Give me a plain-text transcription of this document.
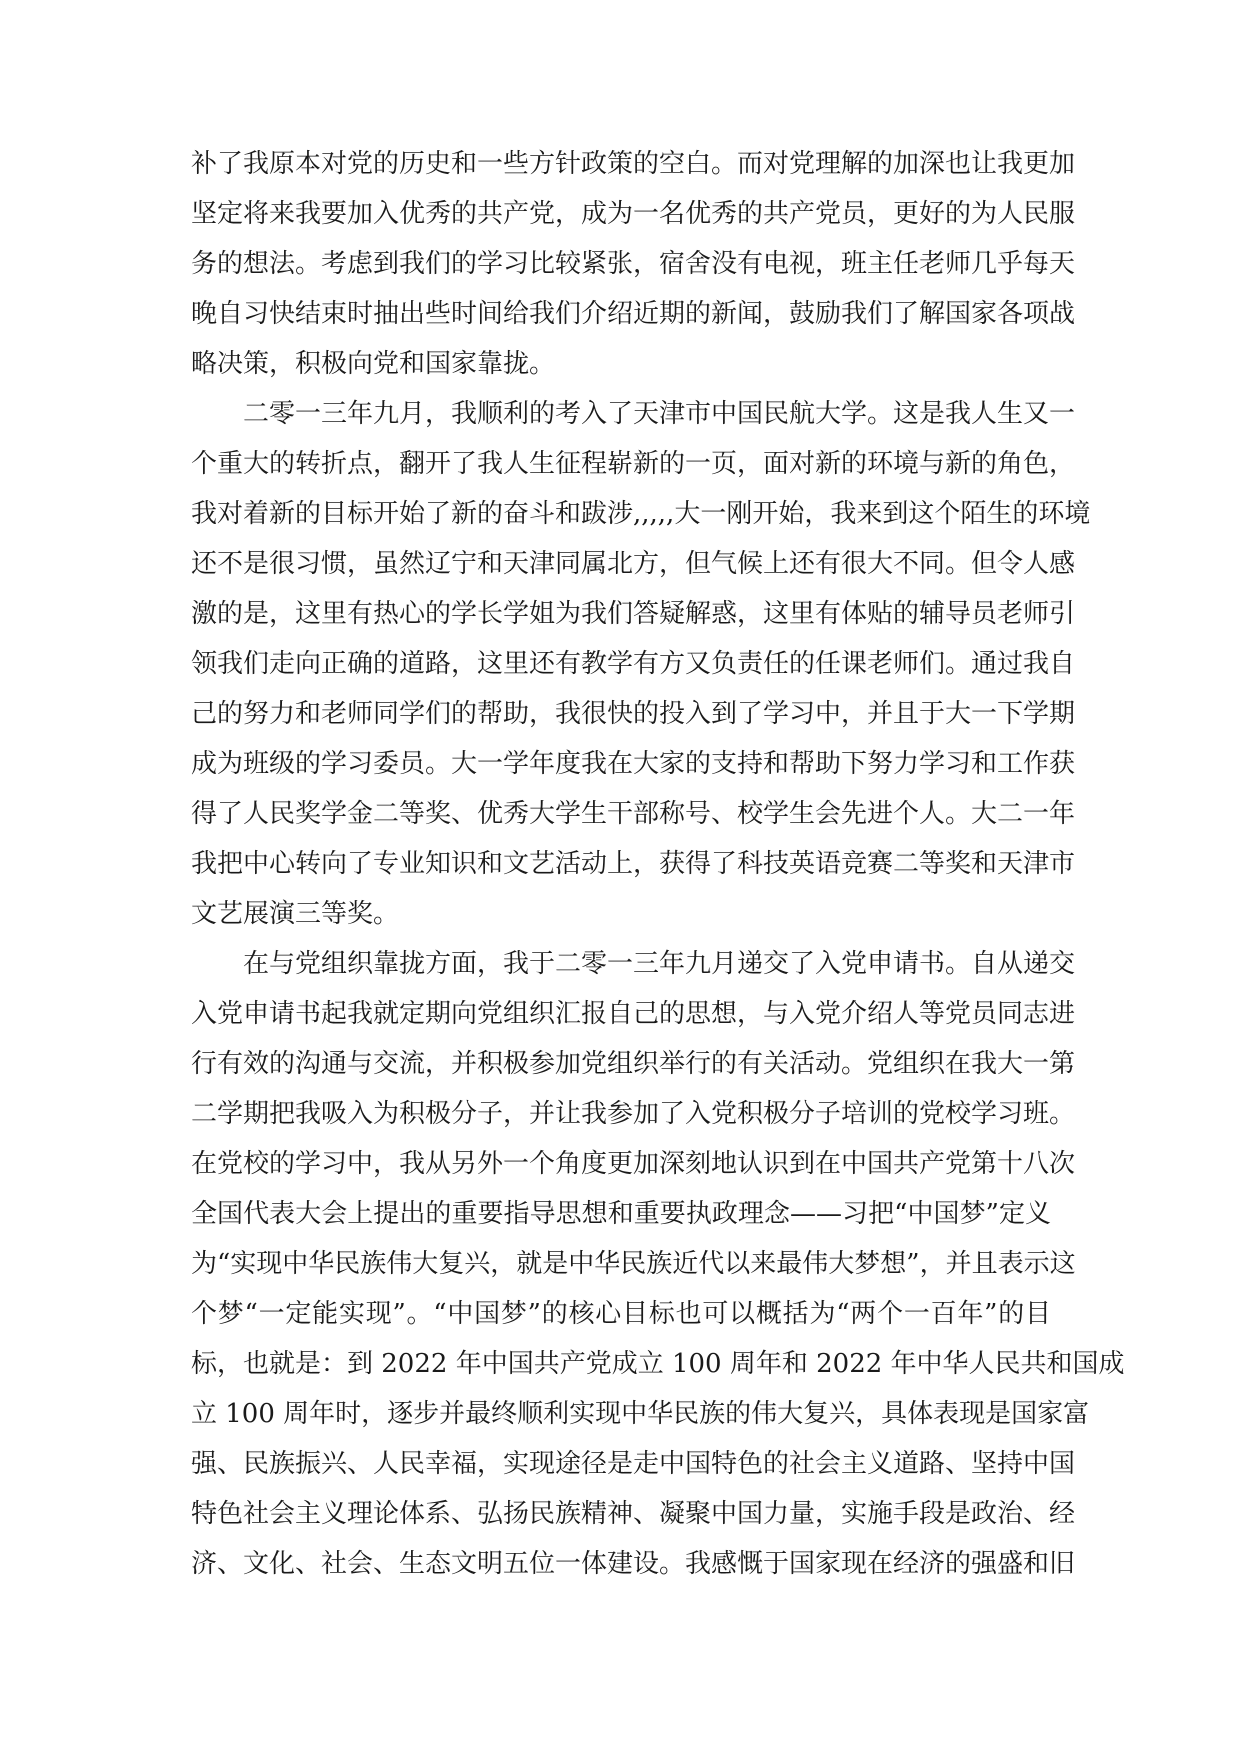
补了我原本对党的历史和一些方针政策的空白。而对党理解的加深也让我更加
坚定将来我要加入优秀的共产党，成为一名优秀的共产党员，更好的为人民服
务的想法。考虑到我们的学习比较紧张，宿舍没有电视，班主任老师几乎每天
晚自习快结束时抽出些时间给我们介绍近期的新闻，鼓励我们了解国家各项战
略决策，积极向党和国家靠拢。
二零一三年九月，我顺利的考入了天津市中国民航大学。这是我人生又一
个重大的转折点，翻开了我人生征程崭新的一页，面对新的环境与新的角色，
我对着新的目标开始了新的奋斗和跋涉,,,,,大一刚开始，我来到这个陌生的环境
还不是很习惯，虽然辽宁和天津同属北方，但气候上还有很大不同。但令人感
激的是，这里有热心的学长学姐为我们答疑解惑，这里有体贴的辅导员老师引
领我们走向正确的道路，这里还有教学有方又负责任的任课老师们。通过我自
己的努力和老师同学们的帮助，我很快的投入到了学习中，并且于大一下学期
成为班级的学习委员。大一学年度我在大家的支持和帮助下努力学习和工作获
得了人民奖学金二等奖、优秀大学生干部称号、校学生会先进个人。大二一年
我把中心转向了专业知识和文艺活动上，获得了科技英语竞赛二等奖和天津市
文艺展演三等奖。
在与党组织靠拢方面，我于二零一三年九月递交了入党申请书。自从递交
入党申请书起我就定期向党组织汇报自己的思想，与入党介绍人等党员同志进
行有效的沟通与交流，并积极参加党组织举行的有关活动。党组织在我大一第
二学期把我吸入为积极分子，并让我参加了入党积极分子培训的党校学习班。
在党校的学习中，我从另外一个角度更加深刻地认识到在中国共产党第十八次
全国代表大会上提出的重要指导思想和重要执政理念——习把“中国梦”定义
为“实现中华民族伟大复兴，就是中华民族近代以来最伟大梦想”，并且表示这
个梦“一定能实现”。“中国梦”的核心目标也可以概括为“两个一百年”的目
标，也就是：到 2022 年中国共产党成立 100 周年和 2022 年中华人民共和国成
立 100 周年时，逐步并最终顺利实现中华民族的伟大复兴，具体表现是国家富
强、民族振兴、人民幸福，实现途径是走中国特色的社会主义道路、坚持中国
特色社会主义理论体系、弘扬民族精神、凝聚中国力量，实施手段是政治、经
济、文化、社会、生态文明五位一体建设。我感慨于国家现在经济的强盛和旧
